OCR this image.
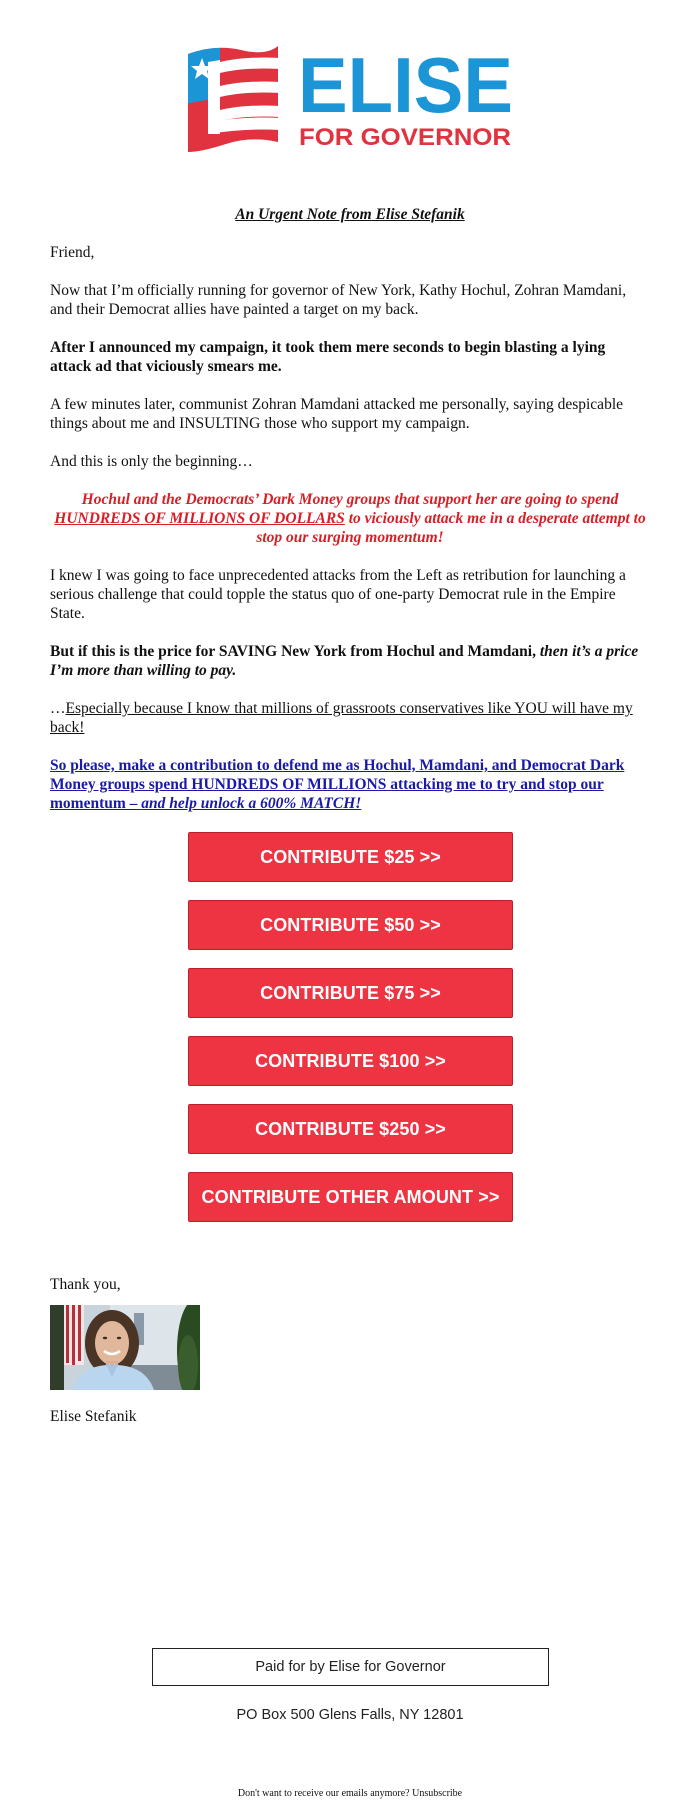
ELISE
FOR GOVERNOR

An Urgent Note from Elise Stefanik

Friend,

Now that I’m officially running for governor of New York, Kathy Hochul, Zohran Mamdani, and their Democrat allies have painted a target on my back.

After I announced my campaign, it took them mere seconds to begin blasting a lying attack ad that viciously smears me.

A few minutes later, communist Zohran Mamdani attacked me personally, saying despicable things about me and INSULTING those who support my campaign.

And this is only the beginning…

Hochul and the Democrats’ Dark Money groups that support her are going to spend HUNDREDS OF MILLIONS OF DOLLARS to viciously attack me in a desperate attempt to stop our surging momentum!

I knew I was going to face unprecedented attacks from the Left as retribution for launching a serious challenge that could topple the status quo of one-party Democrat rule in the Empire State.

But if this is the price for SAVING New York from Hochul and Mamdani, then it’s a price I’m more than willing to pay.

…Especially because I know that millions of grassroots conservatives like YOU will have my back!

So please, make a contribution to defend me as Hochul, Mamdani, and Democrat Dark Money groups spend HUNDREDS OF MILLIONS attacking me to try and stop our momentum – and help unlock a 600% MATCH!

CONTRIBUTE $25 >>
CONTRIBUTE $50 >>
CONTRIBUTE $75 >>
CONTRIBUTE $100 >>
CONTRIBUTE $250 >>
CONTRIBUTE OTHER AMOUNT >>
Thank you,
Elise Stefanik
Paid for by Elise for Governor
PO Box 500 Glens Falls, NY 12801
Don't want to receive our emails anymore? Unsubscribe
